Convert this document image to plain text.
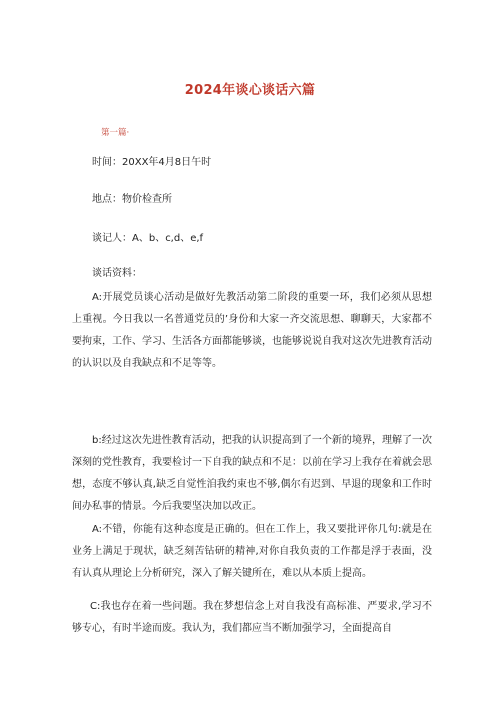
2024年谈心谈话六篇
第一篇·
时间：20XX年4月8日午时
地点：物价检查所
谈记人：A、b、c,d、e,f
谈话资料：

A:开展党员谈心活动是做好先教活动第二阶段的重要一环，我们必须从思想上重视。今日我以一名普通党员的’身份和大家一齐交流思想、聊聊天，大家都不要拘束，工作、学习、生活各方面都能够谈，也能够说说自我对这次先进教育活动的认识以及自我缺点和不足等等。

b:经过这次先进性教育活动，把我的认识提高到了一个新的境界，理解了一次深刻的党性教育，我要检讨一下自我的缺点和不足：以前在学习上我存在着就会思想，态度不够认真,缺乏自觉性洎我约束也不够,偶尔有迟到、早退的现象和工作时间办私事的情景。今后我要坚决加以改正。

A:不错，你能有这种态度是正确的。但在工作上，我又要批评你几句:就是在业务上满足于现状，缺乏刻苦钻研的精神,对你自我负责的工作都是浮于表面，没有认真从理论上分析研究，深入了解关键所在，难以从本质上提高。

C:我也存在着一些问题。我在梦想信念上对自我没有高标准、严要求,学习不够专心，有时半途而废。我认为，我们都应当不断加强学习，全面提高自
